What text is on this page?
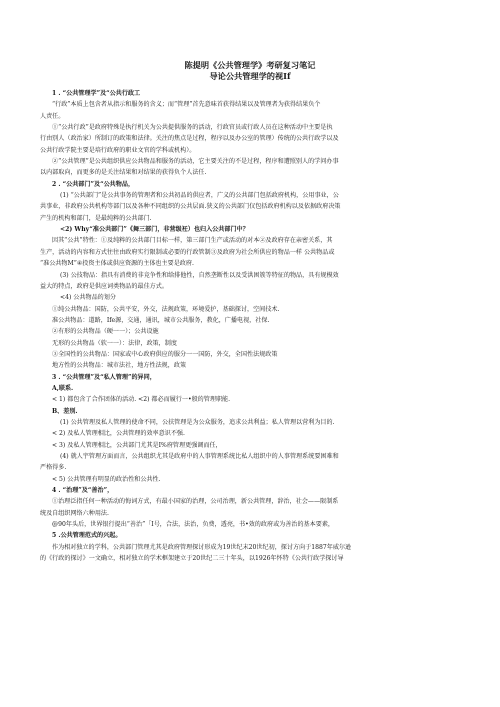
陈提明《公共管理学》考研复习笔记
导论公共管理学的视If
1 . “公共管理学”及“公共行政工
“行政”本质上包含者从指示和服务的含义；而“管理”首先意味首获得结果以及管理者为获得结果负个
人责任。
①“公共行政”是政府特殊是执行机关为公共提供服务的活动，行政官员或行政人员在这种活动中主要是执
行由别人（政治家）所制订的政策和法律。关注的焦点是过程，程序以及办公室的管理）传统的公共行政学以及
公共行政学院主要是培行政府的职业文官的学科或机构）。
②“公共管理”是公共组织供应公共物品和服务的活动，它主要关注的不是过程，程序和遭照别人的学问办事
以内部取向，而更多的是关注结果和对结果的获得负个人法任.
2 . “公共部门”及“公共物品，
(1) “公共部门”是公共事务的管理者和公共初品的供应者，广义的公共部门包括政府机构，公用事业，公
共事业，非政府公共机构等部门以及各种不同组织的公共层面.狭义的公共部门仅包括政府机构以及依据政府决策
产生的机构和部门，是最纯粹的公共部门.
<2) Why“准公共部门”《舞三部门，非营级衽）也归入公共部门中？
因其“公共”特性：①及纯粹的公共部门目标一样，第三部门生产或活动的对本②及政府存在亲密关系，其
生产，活动的内容和方式往往由政府实行限制或必要的行政管制③及政府为社会所供应的物品一样 公共物品或
“准公共物M”④投资主体或供应资源的主体也主要是政府.
(3) 公技物品：指具有消费的非竞争性和给排他性，自然垄断性以及受洪困簇等特征的物品，具有规模效
益大的特点，政府是供应词类物品的最佳方式。
<4) 公共物品的划分
①纯公共物品：国防，公共平安，外交，法规政策，环境爱护，基础探讨，空间技术.
准公共物品：道路，Ife源，交通，通讯，城市公共服务，教化，广播电视，社保.
②有形的公共物品（硬一一）；公共设施
无形的公共物品（软一一）：法律，政策，制度
③全国性的公共物品：国家或中心政府供应的服分一一国防，外交，全国性法规政策
地方性的公共物品：城市法社，地方性法规，政策
3 . “公共管理”及“私人管理”的异同，
A,联系.
< 1) 都包含了合作团体的活动. <2) 都必而履行一•般的管理职能.
B、差别.
(1) 公共管理及私人管理的使命不同，公扶管理是为公众服务，追求公共利益；私人管理以营利为目的.
< 2) 及私人管理相比，公共管理的效率意识不强.
< 3) 及私人管理相比，公共部门尤其是I%府管理更强调而任，
(4) 就人宇管理方面而言，公共组织尤其是政府中的人事管理系统比私人组织中的人事管理系统要困难和
严格得多.
< 5) 公共管理有明显的政治性和公共性.
4 . “治理”及“善治”，
①治理泛指任何一种活动的悔词方式，有最小国家的治理，公司治理，新公共管理，辞治，社会——限制系
统及自组织网络六种用法.
@90年头后，世界银行提出“善治”「I号，合法，法治，负费，透亮，书•效的政府或为善治的基本要素，
5 .公共管理范式的兴起。
作为相对独立的学科，公共部门管理尤其是政府管理探讨形成为19世纪末20世纪初，探讨方向于1887年威尔逊
的《行政的探讨》一文确立，相对独立的学术框架建立于20世纪二三十年头，以1926年怀特《公共行政学探讨导
